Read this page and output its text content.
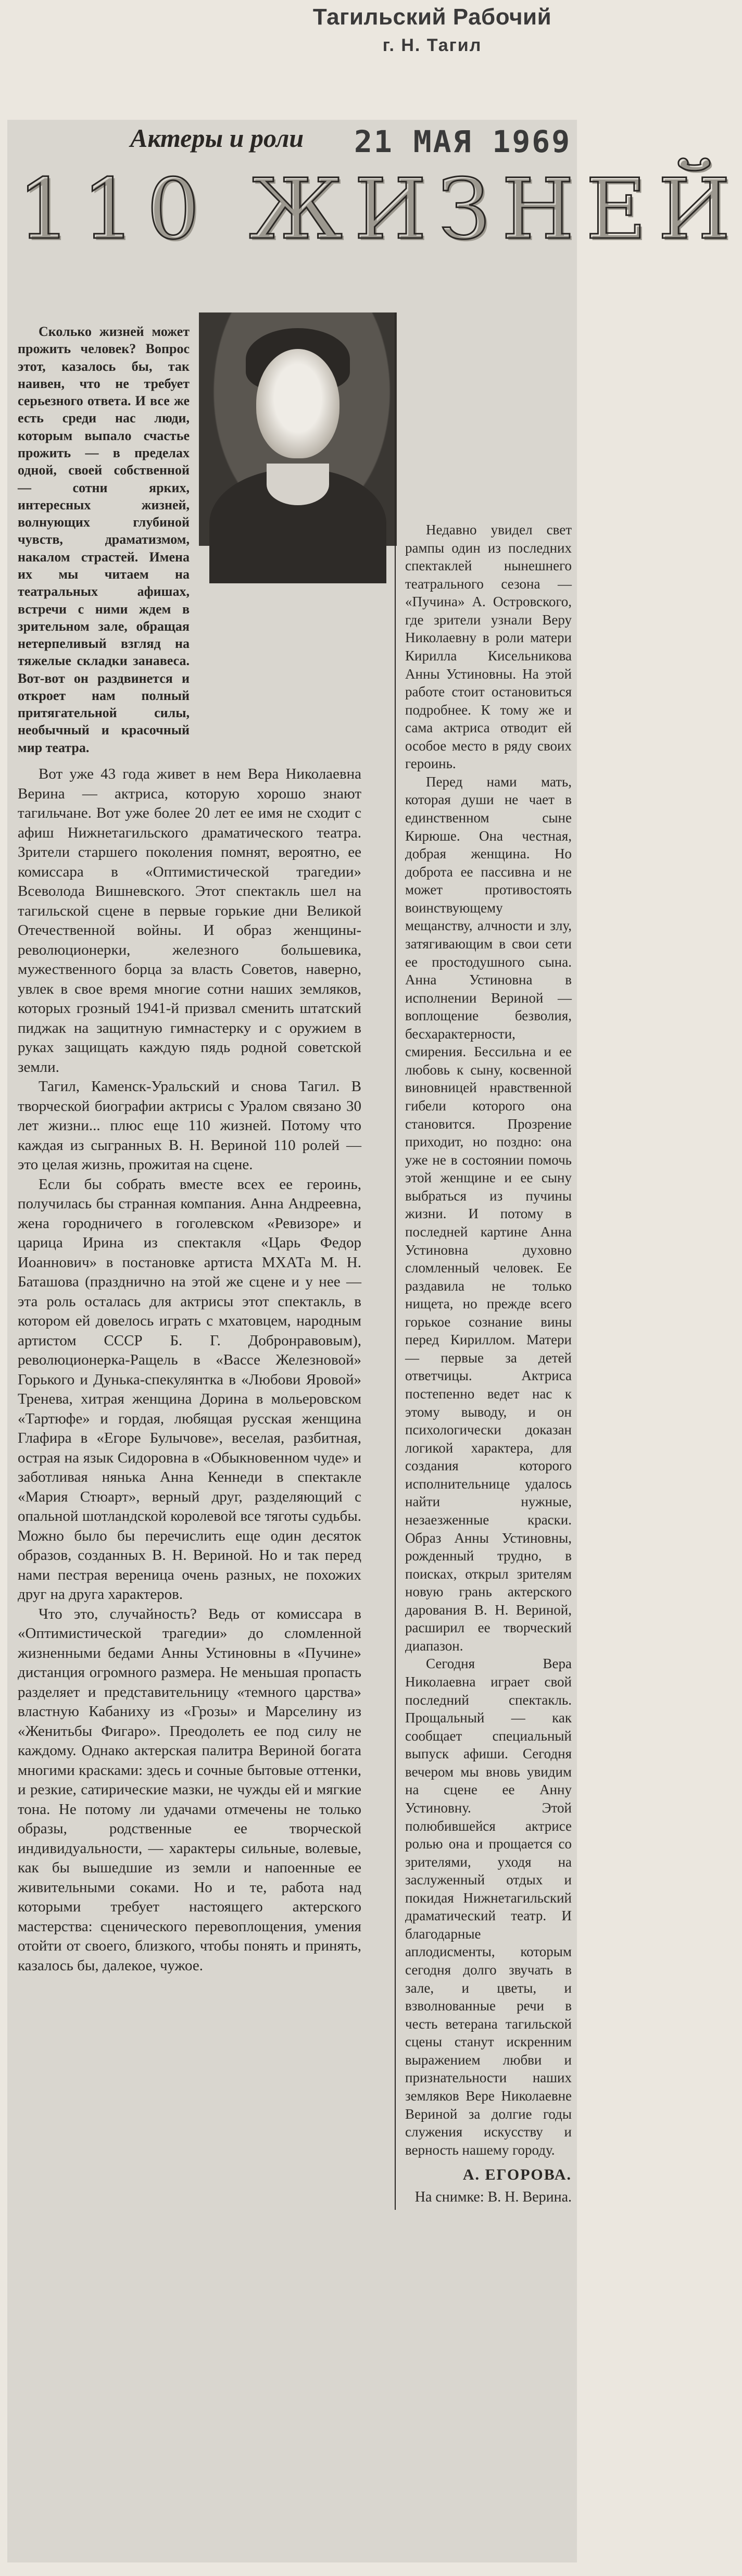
Тагильский Рабочий
г. Н. Тагил
21 МАЯ 1969
Актеры и роли
110 ЖИЗНЕЙ

Сколько жизней может прожить человек? Вопрос этот, казалось бы, так наивен, что не требует серьезного ответа. И все же есть среди нас люди, которым выпало счастье прожить — в пределах одной, своей собственной — сотни ярких, интересных жизней, волнующих глубиной чувств, драматизмом, накалом страстей. Имена их мы читаем на театральных афишах, встречи с ними ждем в зрительном зале, обращая нетерпеливый взгляд на тяжелые складки занавеса. Вот-вот он раздвинется и откроет нам полный притягательной силы, необычный и красочный мир театра.

Вот уже 43 года живет в нем Вера Николаевна Верина — актриса, которую хорошо знают тагильчане. Вот уже более 20 лет ее имя не сходит с афиш Нижнетагильского драматического театра. Зрители старшего поколения помнят, вероятно, ее комиссара в «Оптимистической трагедии» Всеволода Вишневского. Этот спектакль шел на тагильской сцене в первые горькие дни Великой Отечественной войны. И образ женщины-революционерки, железного большевика, мужественного борца за власть Советов, наверно, увлек в свое время многие сотни наших земляков, которых грозный 1941-й призвал сменить штатский пиджак на защитную гимнастерку и с оружием в руках защищать каждую пядь родной советской земли.

Тагил, Каменск-Уральский и снова Тагил. В творческой биографии актрисы с Уралом связано 30 лет жизни... плюс еще 110 жизней. Потому что каждая из сыгранных В. Н. Вериной 110 ролей — это целая жизнь, прожитая на сцене.

Если бы собрать вместе всех ее героинь, получилась бы странная компания. Анна Андреевна, жена городничего в гоголевском «Ревизоре» и царица Ирина из спектакля «Царь Федор Иоаннович» в постановке артиста МХАТа М. Н. Баташова (празднично на этой же сцене и у нее — эта роль осталась для актрисы этот спектакль, в котором ей довелось играть с мхатовцем, народным артистом СССР Б. Г. Добронравовым), революционерка-Ращель в «Вассе Железновой» Горького и Дунька-спекулянтка в «Любови Яровой» Тренева, хитрая женщина Дорина в мольеровском «Тартюфе» и гордая, любящая русская женщина Глафира в «Егоре Булычове», веселая, разбитная, острая на язык Сидоровна в «Обыкновенном чуде» и заботливая нянька Анна Кеннеди в спектакле «Мария Стюарт», верный друг, разделяющий с опальной шотландской королевой все тяготы судьбы. Можно было бы перечислить еще один десяток образов, созданных В. Н. Вериной. Но и так перед нами пестрая вереница очень разных, не похожих друг на друга характеров.

Что это, случайность? Ведь от комиссара в «Оптимистической трагедии» до сломленной жизненными бедами Анны Устиновны в «Пучине» дистанция огромного размера. Не меньшая пропасть разделяет и представительницу «темного царства» властную Кабаниху из «Грозы» и Марселину из «Женитьбы Фигаро». Преодолеть ее под силу не каждому. Однако актерская палитра Вериной богата многими красками: здесь и сочные бытовые оттенки, и резкие, сатирические мазки, не чужды ей и мягкие тона. Не потому ли удачами отмечены не только образы, родственные ее творческой индивидуальности, — характеры сильные, волевые, как бы вышедшие из земли и напоенные ее живительными соками. Но и те, работа над которыми требует настоящего актерского мастерства: сценического перевоплощения, умения отойти от своего, близкого, чтобы понять и принять, казалось бы, далекое, чужое.

Недавно увидел свет рампы один из последних спектаклей нынешнего театрального сезона — «Пучина» А. Островского, где зрители узнали Веру Николаевну в роли матери Кирилла Кисельникова Анны Устиновны. На этой работе стоит остановиться подробнее. К тому же и сама актриса отводит ей особое место в ряду своих героинь.

Перед нами мать, которая души не чает в единственном сыне Кирюше. Она честная, добрая женщина. Но доброта ее пассивна и не может противостоять воинствующему мещанству, алчности и злу, затягивающим в свои сети ее простодушного сына. Анна Устиновна в исполнении Вериной — воплощение безволия, бесхарактерности, смирения. Бессильна и ее любовь к сыну, косвенной виновницей нравственной гибели которого она становится. Прозрение приходит, но поздно: она уже не в состоянии помочь этой женщине и ее сыну выбраться из пучины жизни. И потому в последней картине Анна Устиновна духовно сломленный человек. Ее раздавила не только нищета, но прежде всего горькое сознание вины перед Кириллом. Матери — первые за детей ответчицы. Актриса постепенно ведет нас к этому выводу, и он психологически доказан логикой характера, для создания которого исполнительнице удалось найти нужные, незаезженные краски. Образ Анны Устиновны, рожденный трудно, в поисках, открыл зрителям новую грань актерского дарования В. Н. Вериной, расширил ее творческий диапазон.

Сегодня Вера Николаевна играет свой последний спектакль. Прощальный — как сообщает специальный выпуск афиши. Сегодня вечером мы вновь увидим на сцене ее Анну Устиновну. Этой полюбившейся актрисе ролью она и прощается со зрителями, уходя на заслуженный отдых и покидая Нижнетагильский драматический театр. И благодарные аплодисменты, которым сегодня долго звучать в зале, и цветы, и взволнованные речи в честь ветерана тагильской сцены станут искренним выражением любви и признательности наших земляков Вере Николаевне Вериной за долгие годы служения искусству и верность нашему городу.

А. ЕГОРОВА.
На снимке: В. Н. Верина.
